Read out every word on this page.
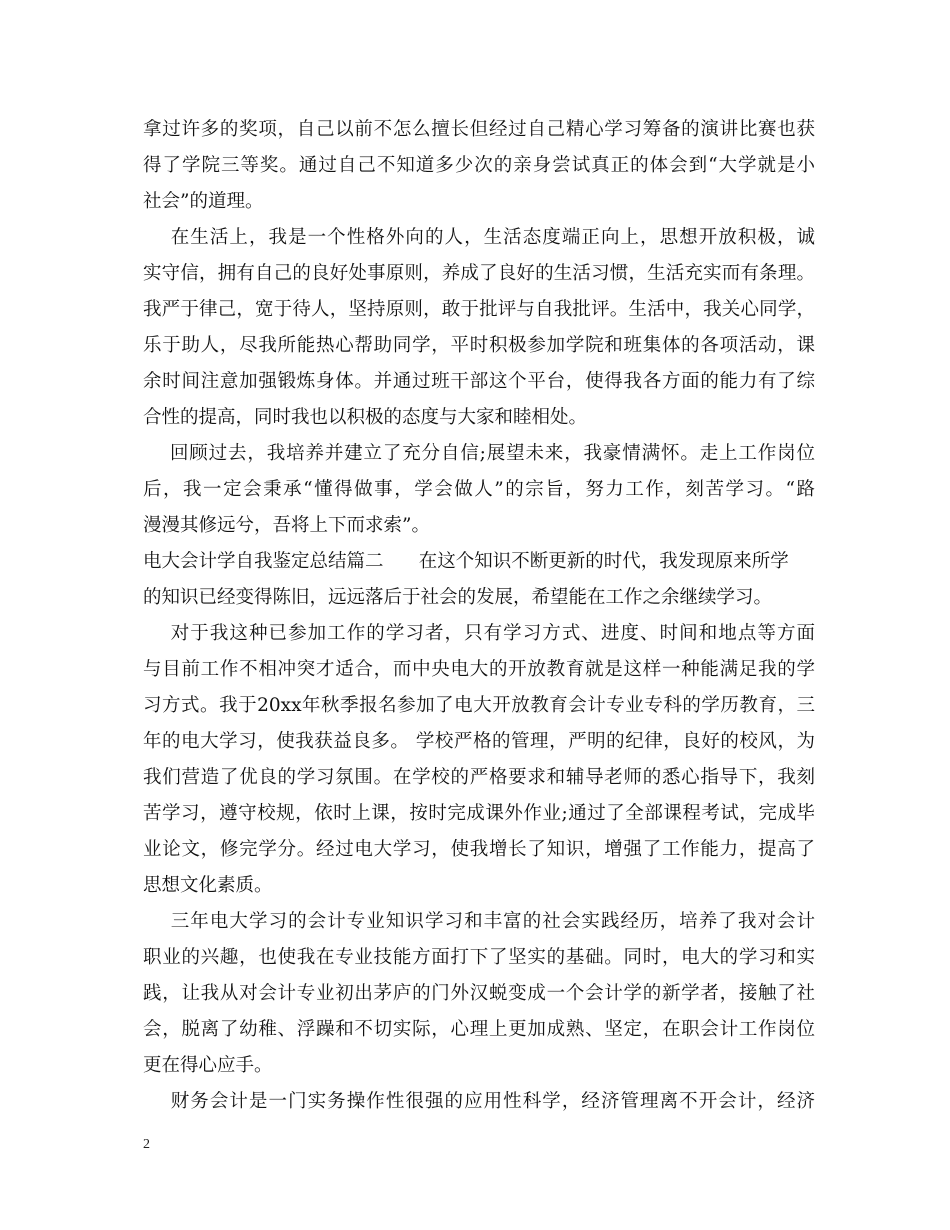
拿过许多的奖项，自己以前不怎么擅长但经过自己精心学习筹备的演讲比赛也获
得了学院三等奖。通过自己不知道多少次的亲身尝试真正的体会到“大学就是小
社会”的道理。
在生活上，我是一个性格外向的人，生活态度端正向上，思想开放积极，诚
实守信，拥有自己的良好处事原则，养成了良好的生活习惯，生活充实而有条理。
我严于律己，宽于待人，坚持原则，敢于批评与自我批评。生活中，我关心同学，
乐于助人，尽我所能热心帮助同学，平时积极参加学院和班集体的各项活动，课
余时间注意加强锻炼身体。并通过班干部这个平台，使得我各方面的能力有了综
合性的提高，同时我也以积极的态度与大家和睦相处。
回顾过去，我培养并建立了充分自信;展望未来，我豪情满怀。走上工作岗位
后，我一定会秉承“懂得做事，学会做人”的宗旨，努力工作，刻苦学习。“路
漫漫其修远兮，吾将上下而求索”。
电大会计学自我鉴定总结篇二      在这个知识不断更新的时代，我发现原来所学
的知识已经变得陈旧，远远落后于社会的发展，希望能在工作之余继续学习。
对于我这种已参加工作的学习者，只有学习方式、进度、时间和地点等方面
与目前工作不相冲突才适合，而中央电大的开放教育就是这样一种能满足我的学
习方式。我于20xx年秋季报名参加了电大开放教育会计专业专科的学历教育，三
年的电大学习，使我获益良多。 学校严格的管理，严明的纪律，良好的校风，为
我们营造了优良的学习氛围。在学校的严格要求和辅导老师的悉心指导下，我刻
苦学习，遵守校规，依时上课，按时完成课外作业;通过了全部课程考试，完成毕
业论文，修完学分。经过电大学习，使我增长了知识，增强了工作能力，提高了
思想文化素质。
三年电大学习的会计专业知识学习和丰富的社会实践经历，培养了我对会计
职业的兴趣，也使我在专业技能方面打下了坚实的基础。同时，电大的学习和实
践，让我从对会计专业初出茅庐的门外汉蜕变成一个会计学的新学者，接触了社
会，脱离了幼稚、浮躁和不切实际，心理上更加成熟、坚定，在职会计工作岗位
更在得心应手。
财务会计是一门实务操作性很强的应用性科学，经济管理离不开会计，经济
2
